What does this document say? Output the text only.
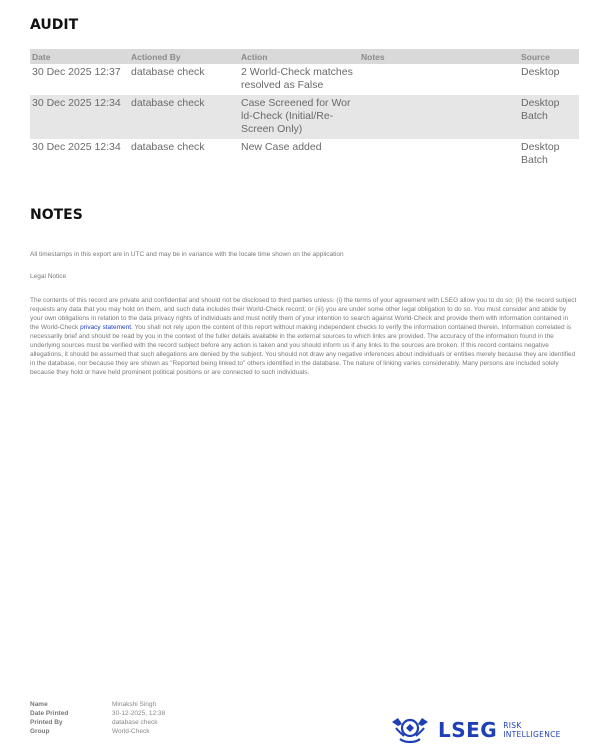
AUDIT
Date	Actioned By	Action	Notes	Source
30 Dec 2025 12:37	database check	2 World-Check matches
resolved as False		Desktop
30 Dec 2025 12:34	database check	Case Screened for Wor
ld-Check (Initial/Re-
Screen Only)		Desktop
Batch
30 Dec 2025 12:34	database check	New Case added		Desktop
Batch
NOTES

All timestamps in this export are in UTC and may be in variance with the locale time shown on the application

Legal Notice

The contents of this record are private and confidential and should not be disclosed to third parties unless: (i) the terms of your agreement with LSEG allow you to do so; (ii) the record subject requests any data that you may hold on them, and such data includes their World-Check record; or (iii) you are under some other legal obligation to do so. You must consider and abide by your own obligations in relation to the data privacy rights of individuals and must notify them of your intention to search against World-Check and provide them with information contained in the World-Check privacy statement. You shall not rely upon the content of this report without making independent checks to verify the information contained therein. Information correlated is necessarily brief and should be read by you in the context of the fuller details available in the external sources to which links are provided. The accuracy of the information found in the underlying sources must be verified with the record subject before any action is taken and you should inform us if any links to the sources are broken. If this record contains negative allegations, it should be assumed that such allegations are denied by the subject. You should not draw any negative inferences about individuals or entities merely because they are identified in the database, nor because they are shown as "Reported being linked to" others identified in the database. The nature of linking varies considerably. Many persons are included solely because they hold or have held prominent political positions or are connected to such individuals.

Name	Minakshi Singh
Date Printed	30-12-2025, 12:38
Printed By	database check
Group	World-Check	LSEG RISK
INTELLIGENCE
